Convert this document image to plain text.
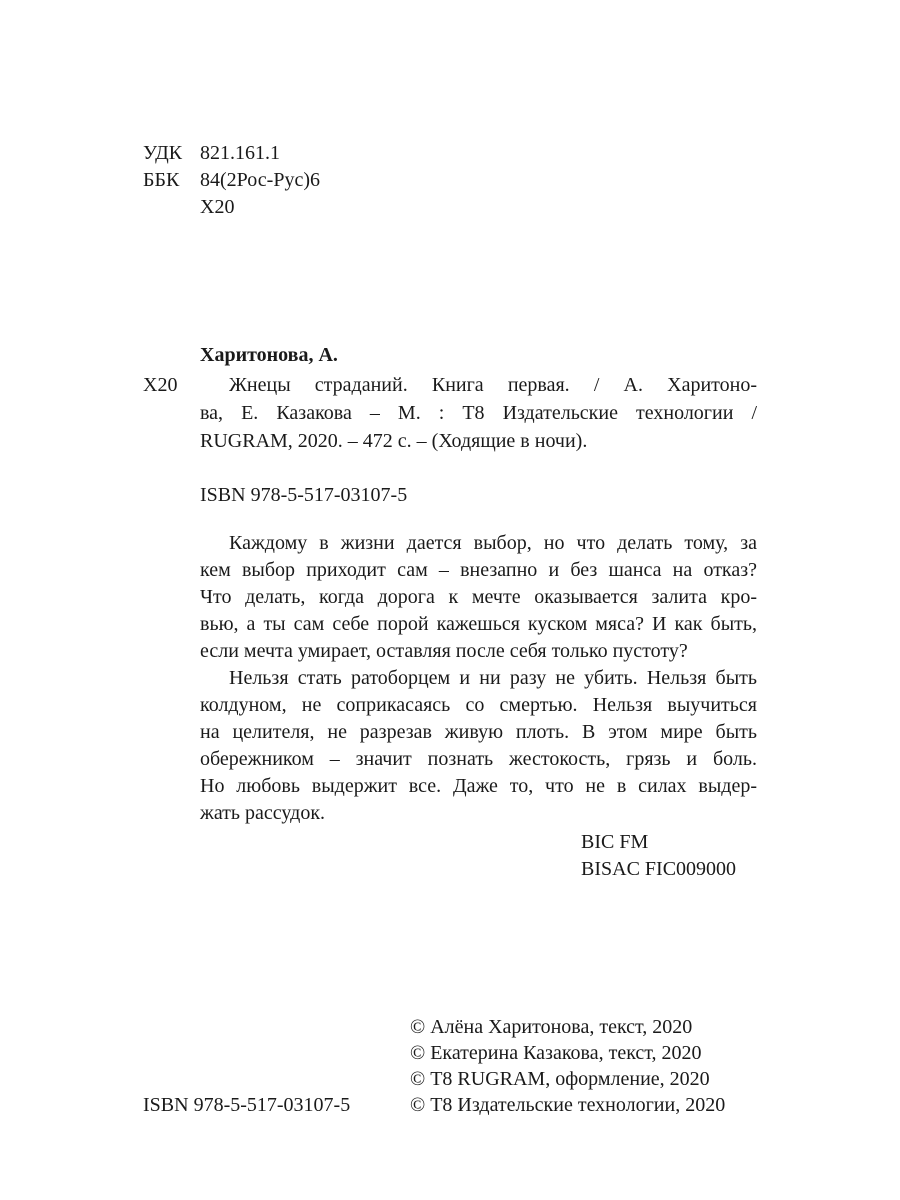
УДК 821.161.1
ББК 84(2Рос-Рус)6
Х20
Харитонова, А.
Х20	Жнецы страданий. Книга первая. / А. Харитоно-
ва, Е. Казакова – М. : Т8 Издательские технологии /
RUGRAM, 2020. – 472 с. – (Ходящие в ночи).
ISBN 978-5-517-03107-5
Каждому в жизни дается выбор, но что делать тому, за
кем выбор приходит сам – внезапно и без шанса на отказ?
Что делать, когда дорога к мечте оказывается залита кро-
вью, а ты сам себе порой кажешься куском мяса? И как быть,
если мечта умирает, оставляя после себя только пустоту?
Нельзя стать ратоборцем и ни разу не убить. Нельзя быть
колдуном, не соприкасаясь со смертью. Нельзя выучиться
на целителя, не разрезав живую плоть. В этом мире быть
обережником – значит познать жестокость, грязь и боль.
Но любовь выдержит все. Даже то, что не в силах выдер-
жать рассудок.
BIC FM
BISAC FIC009000
ISBN 978-5-517-03107-5
© Алёна Харитонова, текст, 2020
© Екатерина Казакова, текст, 2020
© Т8 RUGRAM, оформление, 2020
© Т8 Издательские технологии, 2020
